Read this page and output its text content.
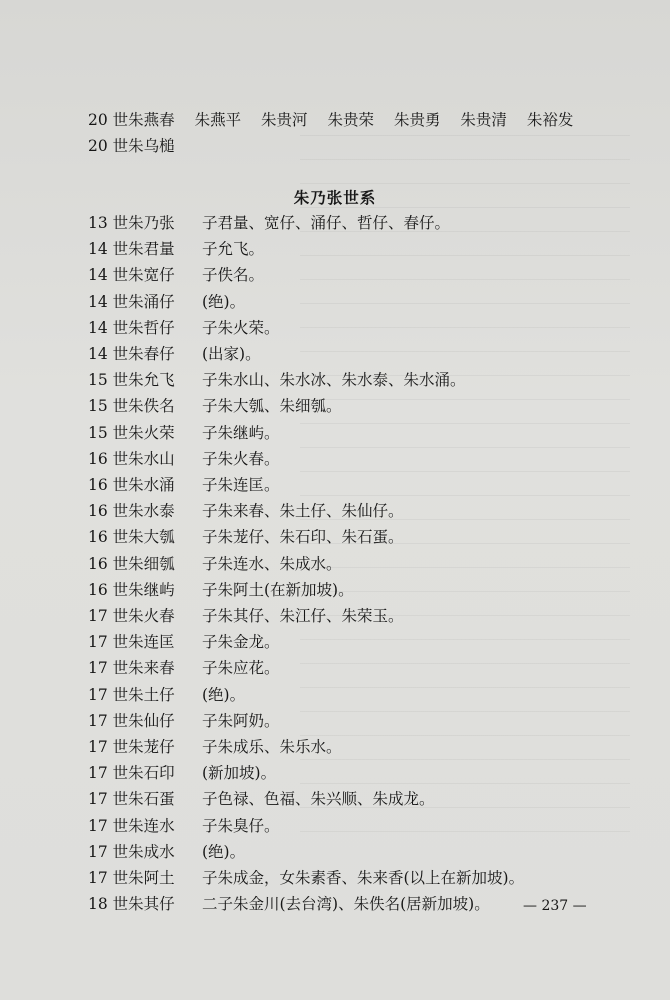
20 世朱燕春 朱燕平 朱贵河 朱贵荣 朱贵勇 朱贵清 朱裕发
20 世朱乌槌
朱乃张世系
13 世朱乃张 子君量、宽仔、涌仔、哲仔、春仔。
14 世朱君量 子允飞。
14 世朱宽仔 子佚名。
14 世朱涌仔 (绝)。
14 世朱哲仔 子朱火荣。
14 世朱春仔 (出家)。
15 世朱允飞 子朱水山、朱水冰、朱水泰、朱水涌。
15 世朱佚名 子朱大瓠、朱细瓠。
15 世朱火荣 子朱继屿。
16 世朱水山 子朱火春。
16 世朱水涌 子朱连匡。
16 世朱水泰 子朱来春、朱土仔、朱仙仔。
16 世朱大瓠 子朱茏仔、朱石印、朱石蛋。
16 世朱细瓠 子朱连水、朱成水。
16 世朱继屿 子朱阿土(在新加坡)。
17 世朱火春 子朱其仔、朱江仔、朱荣玉。
17 世朱连匡 子朱金龙。
17 世朱来春 子朱应花。
17 世朱土仔 (绝)。
17 世朱仙仔 子朱阿奶。
17 世朱茏仔 子朱成乐、朱乐水。
17 世朱石印 (新加坡)。
17 世朱石蛋 子色禄、色福、朱兴顺、朱成龙。
17 世朱连水 子朱臭仔。
17 世朱成水 (绝)。
17 世朱阿土 子朱成金，女朱素香、朱来香(以上在新加坡)。
18 世朱其仔 二子朱金川(去台湾)、朱佚名(居新加坡)。 — 237 —
